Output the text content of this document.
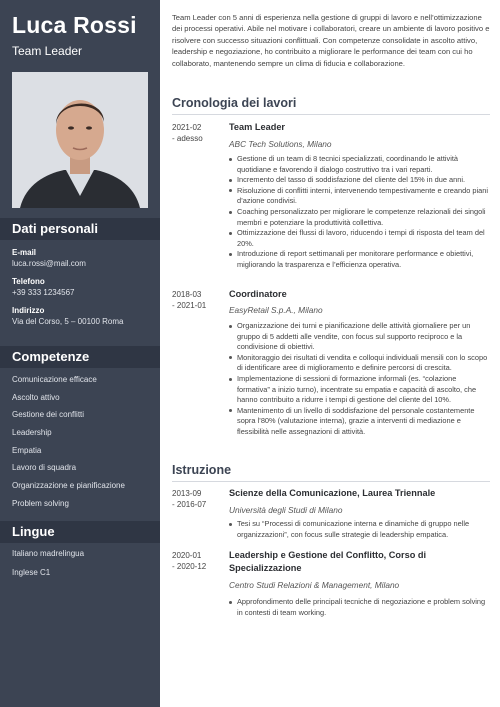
Luca Rossi
Team Leader
Dati personali
E-mail
luca.rossi@mail.com
Telefono
+39 333 1234567
Indirizzo
Via del Corso, 5 – 00100 Roma
Competenze
Comunicazione efficace
Ascolto attivo
Gestione dei conflitti
Leadership
Empatia
Lavoro di squadra
Organizzazione e pianificazione
Problem solving
Lingue
Italiano madrelingua
Inglese C1

Team Leader con 5 anni di esperienza nella gestione di gruppi di lavoro e nell’ottimizzazione dei processi operativi. Abile nel motivare i collaboratori, creare un ambiente di lavoro positivo e risolvere con successo situazioni conflittuali. Con competenze consolidate in ascolto attivo, leadership e negoziazione, ho contribuito a migliorare le performance dei team con cui ho collaborato, mantenendo sempre un clima di fiducia e collaborazione.

Cronologia dei lavori
2021-02
- adesso
Team Leader
ABC Tech Solutions, Milano
Gestione di un team di 8 tecnici specializzati, coordinando le attività quotidiane e favorendo il dialogo costruttivo tra i vari reparti.
Incremento del tasso di soddisfazione del cliente del 15% in due anni.
Risoluzione di conflitti interni, intervenendo tempestivamente e creando piani d’azione condivisi.
Coaching personalizzato per migliorare le competenze relazionali dei singoli membri e potenziare la produttività collettiva.
Ottimizzazione dei flussi di lavoro, riducendo i tempi di risposta del team del 20%.
Introduzione di report settimanali per monitorare performance e obiettivi, migliorando la trasparenza e l’efficienza operativa.
2018-03
- 2021-01
Coordinatore
EasyRetail S.p.A., Milano
Organizzazione dei turni e pianificazione delle attività giornaliere per un gruppo di 5 addetti alle vendite, con focus sul supporto reciproco e la condivisione di obiettivi.
Monitoraggio dei risultati di vendita e colloqui individuali mensili con lo scopo di identificare aree di miglioramento e definire percorsi di crescita.
Implementazione di sessioni di formazione informali (es. “colazione formativa” a inizio turno), incentrate su empatia e capacità di ascolto, che hanno contribuito a ridurre i tempi di gestione del cliente del 10%.
Mantenimento di un livello di soddisfazione del personale costantemente sopra l’80% (valutazione interna), grazie a interventi di mediazione e flessibilità nelle assegnazioni di attività.
Istruzione
2013-09
- 2016-07
Scienze della Comunicazione, Laurea Triennale
Università degli Studi di Milano
Tesi su “Processi di comunicazione interna e dinamiche di gruppo nelle organizzazioni”, con focus sulle strategie di leadership empatica.
2020-01
- 2020-12
Leadership e Gestione del Conflitto, Corso di
Specializzazione
Centro Studi Relazioni & Management, Milano
Approfondimento delle principali tecniche di negoziazione e problem solving in contesti di team working.
